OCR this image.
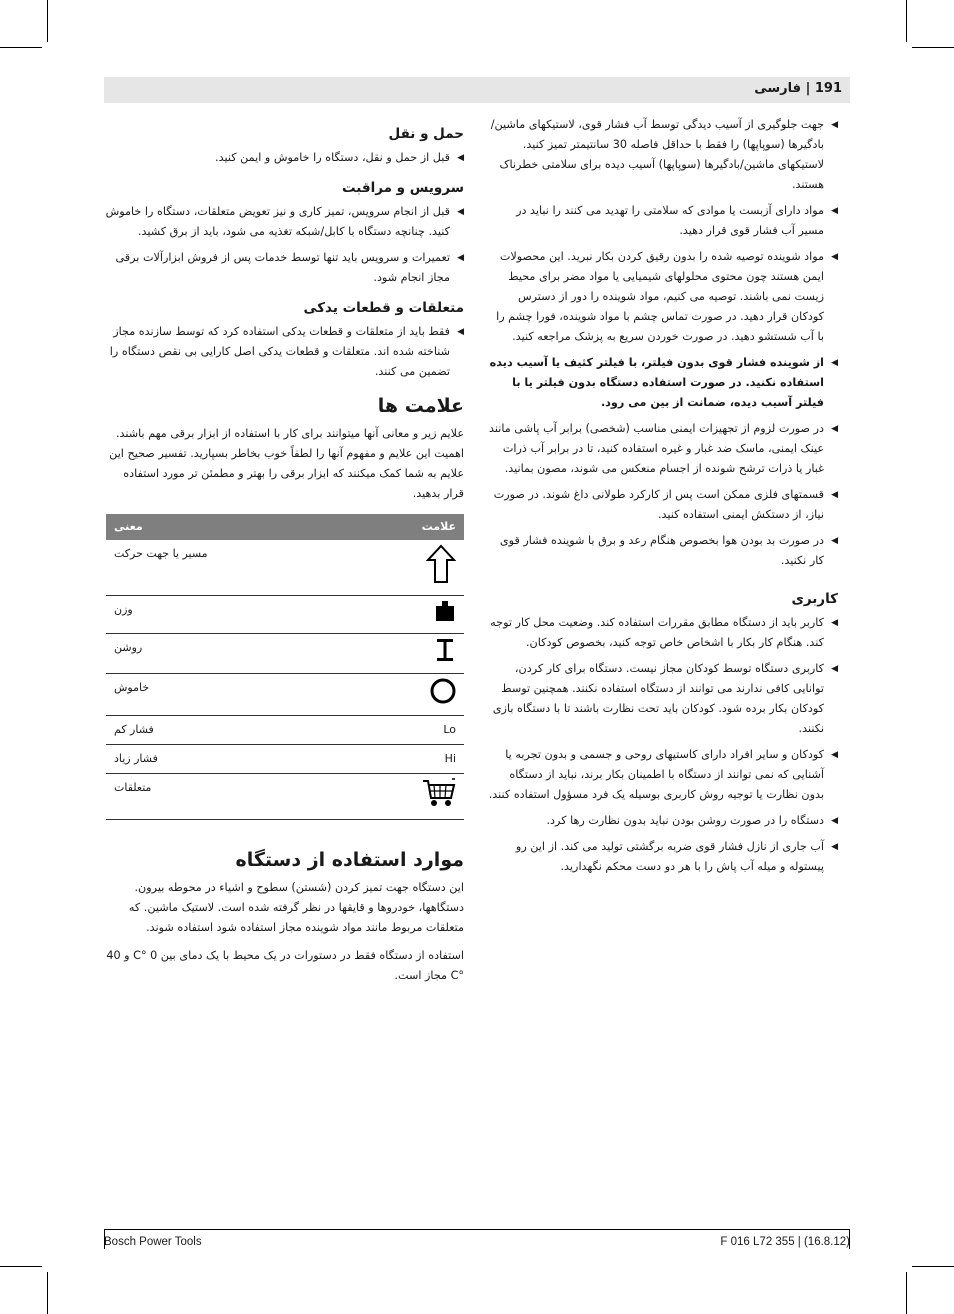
191 | فارسی
◀ جهت جلوگیری از آسیب دیدگی توسط آب فشار قوی، لاستیکهای ماشین/بادگیرها (سوپاپها) را فقط با حداقل فاصله 30 سانتیمتر تمیز کنید. لاستیکهای ماشین/بادگیرها (سوپاپها) آسیب دیده برای سلامتی خطرناک هستند.
◀ مواد دارای آزبست یا موادی که سلامتی را تهدید می کنند را نباید در مسیر آب فشار قوی قرار دهید.
◀ مواد شوینده توصیه شده را بدون رقیق کردن بکار نبرید. این محصولات ایمن هستند چون محتوی محلولهای شیمیایی یا مواد مضر برای محیط زیست نمی باشند. توصیه می کنیم، مواد شوینده را دور از دسترس کودکان قرار دهید. در صورت تماس چشم با مواد شوینده، فورا چشم را با آب شستشو دهید. در صورت خوردن سریع به پزشک مراجعه کنید.
◀ از شوینده فشار قوی بدون فیلتر، با فیلتر کثیف یا آسیب دیده استفاده نکنید. در صورت استفاده دستگاه بدون فیلتر یا با فیلتر آسیب دیده، ضمانت از بین می رود.
◀ در صورت لزوم از تجهیزات ایمنی مناسب (شخصی) برابر آب پاشی مانند عینک ایمنی، ماسک ضد غبار و غیره استفاده کنید، تا در برابر آب ذرات غبار یا ذرات ترشح شونده از اجسام منعکس می شوند، مصون بمانید.
◀ قسمتهای فلزی ممکن است پس از کارکرد طولانی داغ شوند. در صورت نیاز، از دستکش ایمنی استفاده کنید.
◀ در صورت بد بودن هوا بخصوص هنگام رعد و برق با شوینده فشار قوی کار نکنید.
کاربری
◀ کاربر باید از دستگاه مطابق مقررات استفاده کند. وضعیت محل کار توجه کند. هنگام کار بکار با اشخاص خاص توجه کنید، بخصوص کودکان.
◀ کاربری دستگاه توسط کودکان مجاز نیست. دستگاه برای کار کردن، توانایی کافی ندارند می توانند از دستگاه استفاده نکنند. همچنین توسط کودکان بکار برده شود. کودکان باید تحت نظارت باشند تا با دستگاه بازی نکنند.
◀ کودکان و سایر افراد دارای کاستیهای روحی و جسمی و بدون تجربه یا آشنایی که نمی توانند از دستگاه با اطمینان بکار برند، نباید از دستگاه بدون نظارت یا توجیه روش کاربری بوسیله یک فرد مسؤول استفاده کنند.
◀ دستگاه را در صورت روشن بودن نباید بدون نظارت رها کرد.
◀ آب جاری از نازل فشار قوی ضربه برگشتی تولید می کند. از این رو پیستوله و میله آب پاش را با هر دو دست محکم نگهدارید.
حمل و نقل
◀ قبل از حمل و نقل، دستگاه را خاموش و ایمن کنید.
سرویس و مراقبت
◀ قبل از انجام سرویس، تمیز کاری و نیز تعویض متعلقات، دستگاه را خاموش کنید. چنانچه دستگاه با کابل/شبکه تغذیه می شود، باید از برق کشید.
◀ تعمیرات و سرویس باید تنها توسط خدمات پس از فروش ابزارآلات برقی مجاز انجام شود.
متعلقات و قطعات یدکی
◀ فقط باید از متعلقات و قطعات یدکی استفاده کرد که توسط سازنده مجاز شناخته شده اند. متعلقات و قطعات یدکی اصل کارایی بی نقص دستگاه را تضمین می کنند.
علامت ها

علایم زیر و معانی آنها میتوانند برای کار با استفاده از ابزار برقی مهم باشند. اهمیت این علایم و مفهوم آنها را لطفاً خوب بخاطر بسپارید. تفسیر صحیح این علایم به شما کمک میکنند که ابزار برقی را بهتر و مطمئن تر مورد استفاده قرار بدهید.

علامت	معنی
	مسیر یا جهت حرکت
	وزن
	روشن
	خاموش
Lo	فشار کم
Hi	فشار زیاد
	متعلقات
موارد استفاده از دستگاه

این دستگاه جهت تمیز کردن (شستن) سطوح و اشیاء در محوطه بیرون. دستگاهها، خودروها و قایقها در نظر گرفته شده است. لاستیک ماشین. که متعلقات مربوط مانند مواد شوینده مجاز استفاده شود استفاده شوند.

استفاده از دستگاه فقط در دستورات در یک محیط با یک دمای بین 0 °C و 40 °C مجاز است.

Bosch Power Tools	F 016 L72 355 | (16.8.12)
